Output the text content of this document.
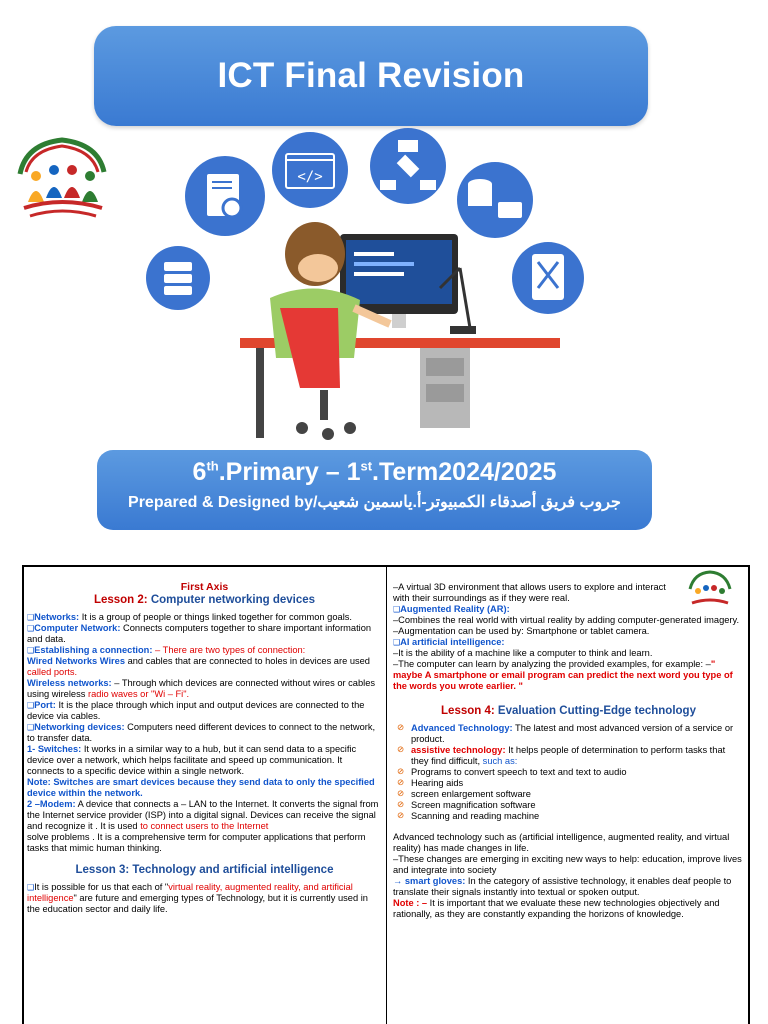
ICT Final Revision
</>
6th.Primary – 1st.Term2024/2025
Prepared & Designed by/جروب فريق أصدقاء الكمبيوتر-أ.ياسمين شعيب
First Axis
Lesson 2: Computer networking devices

❑Networks: It is a group of people or things linked together for common goals.

❑Computer Network: Connects computers together to share important information and data.

❑Establishing a connection: – There are two types of connection:

Wired Networks Wires and cables that are connected to holes in devices are used called ports.

Wireless networks: – Through which devices are connected without wires or cables using wireless radio waves or "Wi – Fi".

❑Port: It is the place through which input and output devices are connected to the device via cables.

❑Networking devices: Computers need different devices to connect to the network, to transfer data.

1- Switches: It works in a similar way to a hub, but it can send data to a specific device over a network, which helps facilitate and speed up communication. It connects to a specific device within a single network.

Note: Switches are smart devices because they send data to only the specified device within the network.

2 –Modem: A device that connects a – LAN to the Internet. It converts the signal from the Internet service provider (ISP) into a digital signal. Devices can receive the signal and recognize it . It is used to connect users to the Internet

solve problems . It is a comprehensive term for computer applications that perform tasks that mimic human thinking.

Lesson 3: Technology and artificial intelligence

❑It is possible for us that each of "virtual reality, augmented reality, and artificial intelligence" are future and emerging types of Technology, but it is currently used in the education sector and daily life.

–A virtual 3D environment that allows users to explore and interact with their surroundings as if they were real.

❑Augmented Reality (AR):

–Combines the real world with virtual reality by adding computer-generated imagery.

–Augmentation can be used by: Smartphone or tablet camera.

❑AI artificial intelligence:

–It is the ability of a machine like a computer to think and learn.

–The computer can learn by analyzing the provided examples, for example: –" maybe A smartphone or email program can predict the next word you type of the words you wrote earlier. "

Lesson 4: Evaluation Cutting-Edge technology
⊘ Advanced Technology: The latest and most advanced version of a service or product.
⊘ assistive technology: It helps people of determination to perform tasks that they find difficult, such as:
⊘ Programs to convert speech to text and text to audio
⊘ Hearing aids
⊘ screen enlargement software
⊘ Screen magnification software
⊘ Scanning and reading machine

Advanced technology such as (artificial intelligence, augmented reality, and virtual reality) has made changes in life.

–These changes are emerging in exciting new ways to help: education, improve lives and integrate into society

→ smart gloves: In the category of assistive technology, it enables deaf people to translate their signals instantly into textual or spoken output.

Note : – It is important that we evaluate these new technologies objectively and rationally, as they are constantly expanding the horizons of knowledge.
